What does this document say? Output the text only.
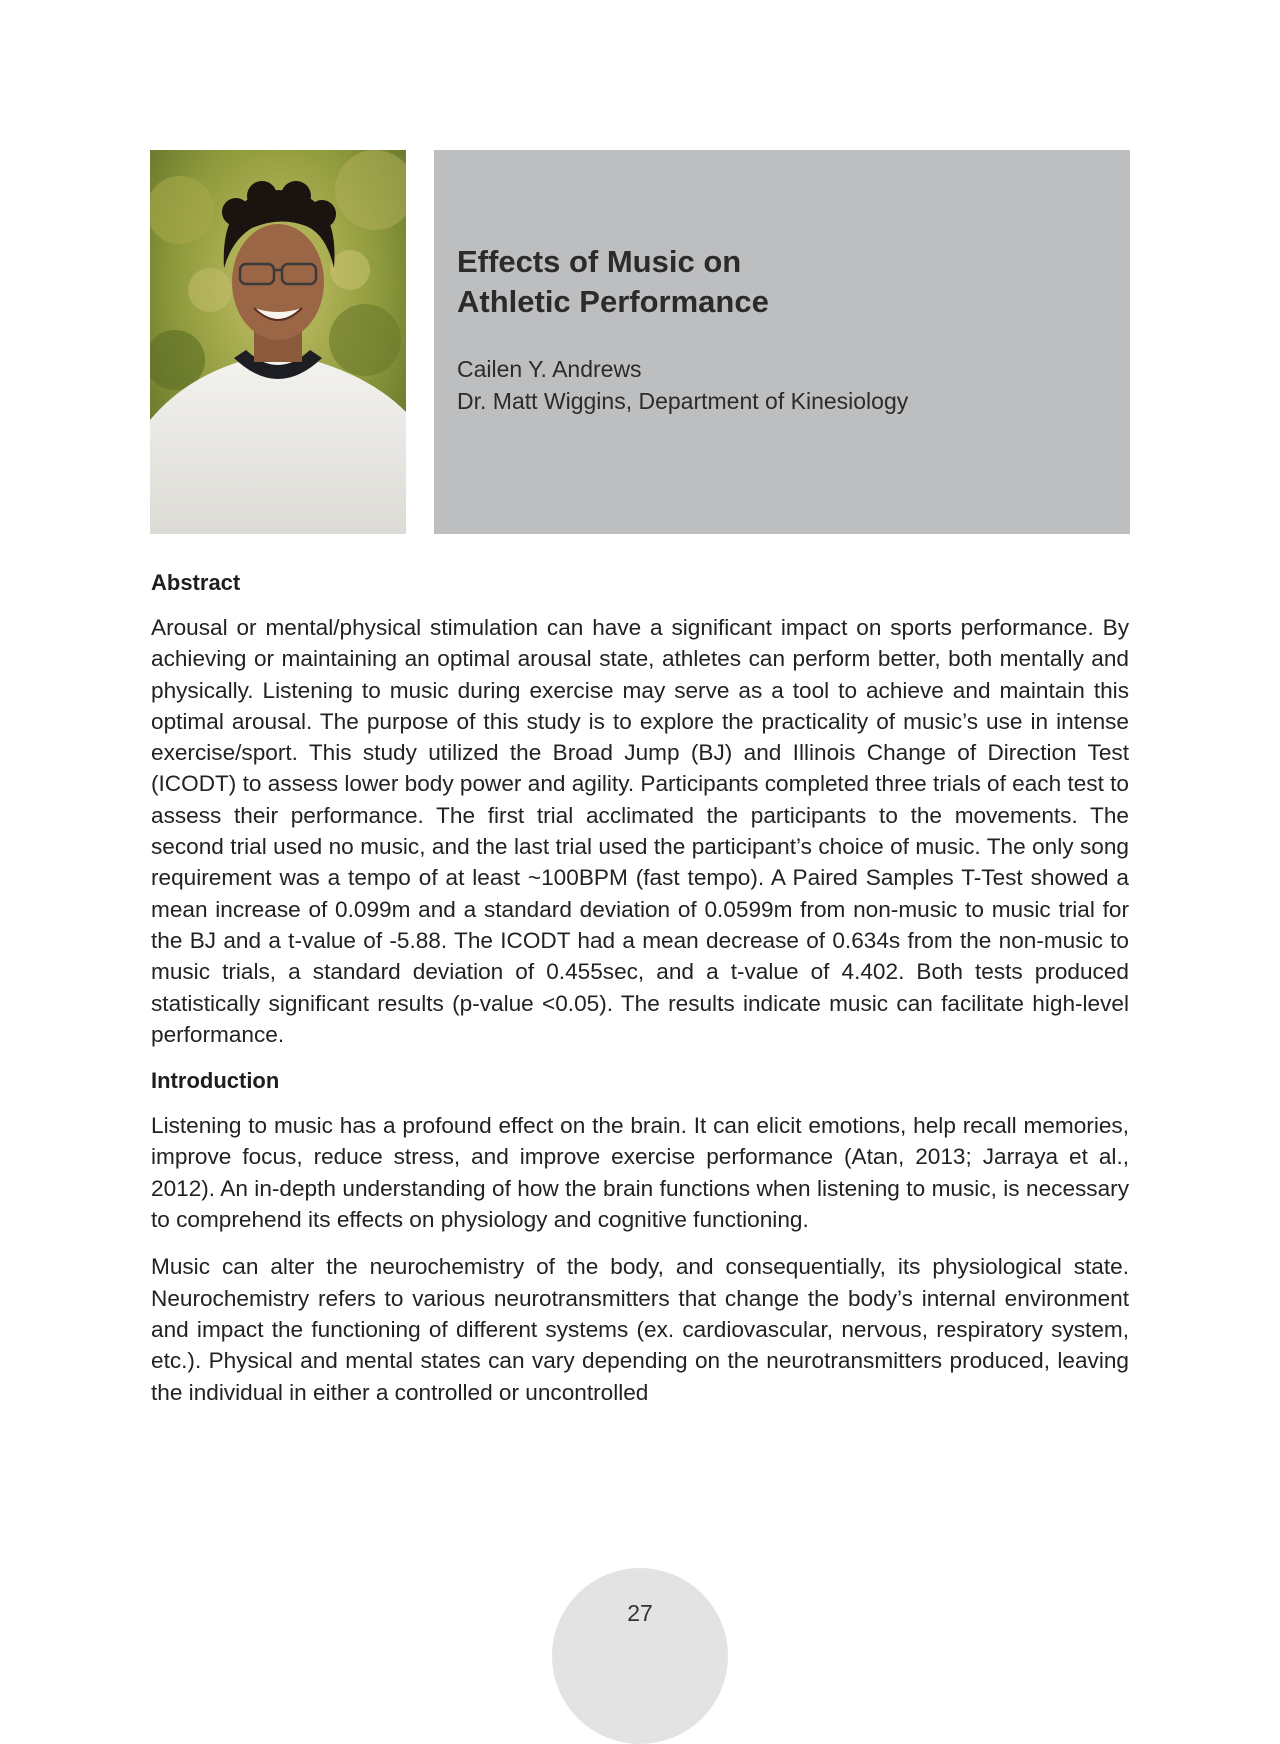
Effects of Music on
Athletic Performance
Cailen Y. Andrews
Dr. Matt Wiggins, Department of Kinesiology
Abstract

Arousal or mental/physical stimulation can have a significant impact on sports performance. By achieving or maintaining an optimal arousal state, athletes can perform better, both mentally and physically. Listening to music during exercise may serve as a tool to achieve and maintain this optimal arousal. The purpose of this study is to explore the practicality of music’s use in intense exercise/sport. This study utilized the Broad Jump (BJ) and Illinois Change of Direction Test (ICODT) to assess lower body power and agility. Participants completed three trials of each test to assess their performance. The first trial acclimated the participants to the movements. The second trial used no music, and the last trial used the participant’s choice of music. The only song requirement was a tempo of at least ~100BPM (fast tempo). A Paired Samples T-Test showed a mean increase of 0.099m and a standard deviation of 0.0599m from non-music to music trial for the BJ and a t-value of -5.88. The ICODT had a mean decrease of 0.634s from the non-music to music trials, a standard deviation of 0.455sec, and a t-value of 4.402. Both tests produced statistically significant results (p-value <0.05). The results indicate music can facilitate high-level performance.

Introduction

Listening to music has a profound effect on the brain. It can elicit emotions, help recall memories, improve focus, reduce stress, and improve exercise performance (Atan, 2013; Jarraya et al., 2012). An in-depth understanding of how the brain functions when listening to music, is necessary to comprehend its effects on physiology and cognitive functioning.

Music can alter the neurochemistry of the body, and consequentially, its physiological state. Neurochemistry refers to various neurotransmitters that change the body’s internal environment and impact the functioning of different systems (ex. cardiovascular, nervous, respiratory system, etc.). Physical and mental states can vary depending on the neurotransmitters produced, leaving the individual in either a controlled or uncontrolled

27
